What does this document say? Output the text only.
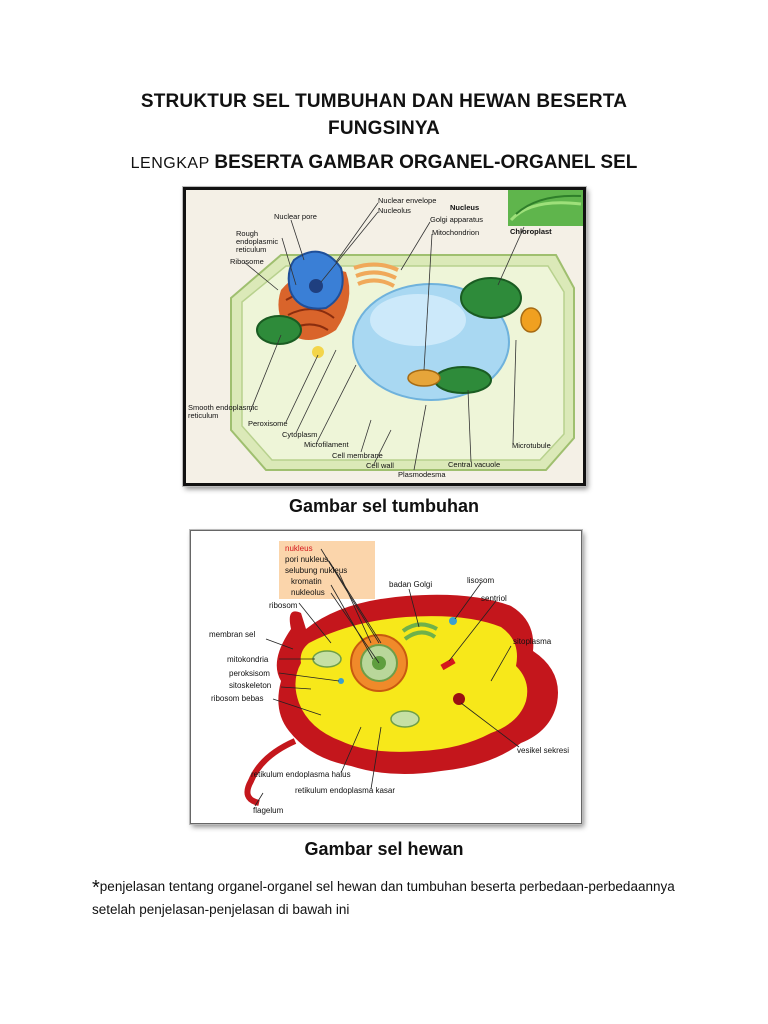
STRUKTUR SEL TUMBUHAN DAN HEWAN BESERTA
FUNGSINYA
LENGKAP BESERTA GAMBAR ORGANEL-ORGANEL SEL
Nuclear envelope
Nucleolus	Nucleus
Nuclear pore	Golgi apparatus
Mitochondrion
Rough
endoplasmic
reticulum
Chloroplast
Ribosome
Smooth endoplasmic
reticulum
Peroxisome
Cytoplasm
Microfilament
Cell membrane
Cell wall
Plasmodesma
Central vacuole
Microtubule
Gambar sel tumbuhan
nukleus
pori nukleus
selubung nukleus
kromatin
nukleolus
badan Golgi	lisosom
sentriol
ribosom
membran sel
sitoplasma
mitokondria
peroksisom
sitoskeleton
ribosom bebas
vesikel sekresi
retikulum endoplasma halus
retikulum endoplasma kasar
flagelum
Gambar sel hewan
*penjelasan tentang organel-organel sel hewan dan tumbuhan beserta perbedaan-perbedaannya setelah penjelasan-penjelasan di bawah ini
